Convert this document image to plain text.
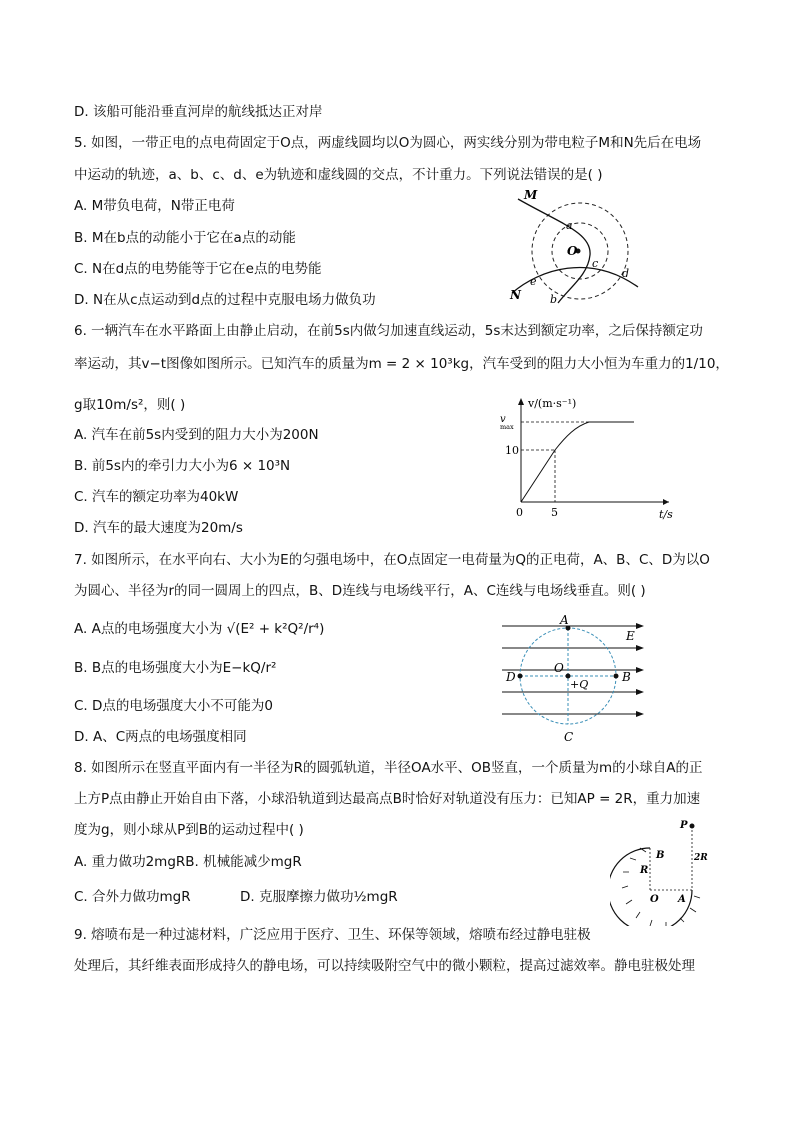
D. 该船可能沿垂直河岸的航线抵达正对岸
5. 如图，一带正电的点电荷固定于O点，两虚线圆均以O为圆心，两实线分别为带电粒子M和N先后在电场
中运动的轨迹，a、b、c、d、e为轨迹和虚线圆的交点，不计重力。下列说法错误的是( )
A. M带负电荷，N带正电荷
B. M在b点的动能小于它在a点的动能
C. N在d点的电势能等于它在e点的电势能
D. N在从c点运动到d点的过程中克服电场力做负功
6. 一辆汽车在水平路面上由静止启动，在前5s内做匀加速直线运动，5s末达到额定功率，之后保持额定功
率运动，其v−t图像如图所示。已知汽车的质量为m = 2 × 10³kg，汽车受到的阻力大小恒为车重力的1/10，
g取10m/s²，则( )
A. 汽车在前5s内受到的阻力大小为200N
B. 前5s内的牵引力大小为6 × 10³N
C. 汽车的额定功率为40kW
D. 汽车的最大速度为20m/s
7. 如图所示，在水平向右、大小为E的匀强电场中，在O点固定一电荷量为Q的正电荷，A、B、C、D为以O
为圆心、半径为r的同一圆周上的四点，B、D连线与电场线平行，A、C连线与电场线垂直。则( )
A. A点的电场强度大小为 √(E² + k²Q²/r⁴)
B. B点的电场强度大小为E−kQ/r²
C. D点的电场强度大小不可能为0
D. A、C两点的电场强度相同
8. 如图所示在竖直平面内有一半径为R的圆弧轨道，半径OA水平、OB竖直，一个质量为m的小球自A的正
上方P点由静止开始自由下落，小球沿轨道到达最高点B时恰好对轨道没有压力：已知AP = 2R，重力加速
度为g，则小球从P到B的运动过程中( )
A. 重力做功2mgRB. 机械能减少mgR
C. 合外力做功mgR	D. 克服摩擦力做功½mgR
9. 熔喷布是一种过滤材料，广泛应用于医疗、卫生、环保等领域，熔喷布经过静电驻极
处理后，其纤维表面形成持久的静电场，可以持续吸附空气中的微小颗粒，提高过滤效率。静电驻极处理
M
N
O
a
b
c
d
e
v/(m·s⁻¹)
v
max
10
0	5	t/s
A
B
C
D
O
+Q
E
P
B
R
O A
2R
